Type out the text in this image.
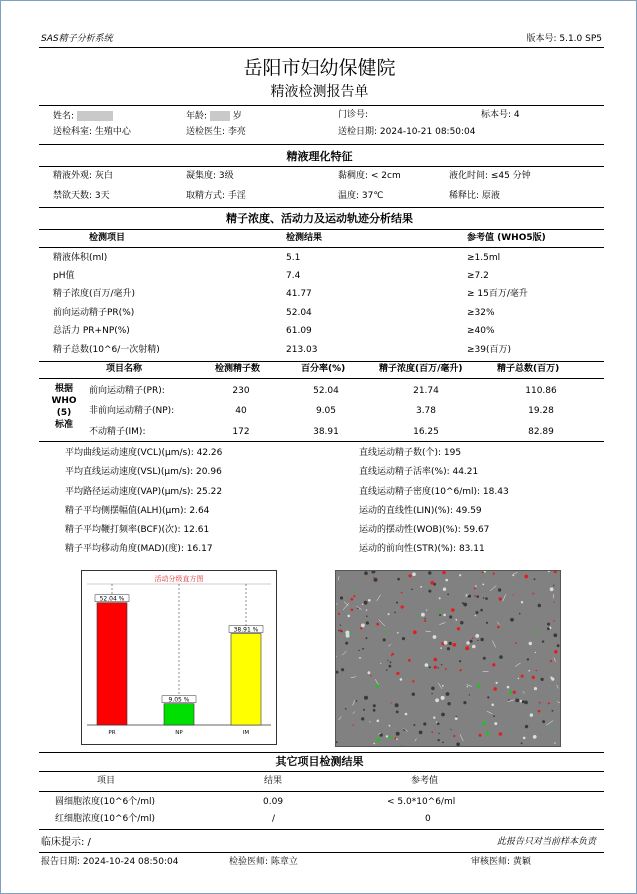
SAS精子分析系统	版本号: 5.1.0 SP5
岳阳市妇幼保健院
精液检测报告单
姓名:	年龄:	岁	门诊号:	标本号: 4
送检科室: 生殖中心	送检医生: 李亮	送检日期: 2024-10-21 08:50:04
精液理化特征
精液外观: 灰白	凝集度: 3级	黏稠度: < 2cm	液化时间: ≤45 分钟
禁欲天数: 3天	取精方式: 手淫	温度: 37℃	稀释比: 原液
精子浓度、活动力及运动轨迹分析结果
检测项目	检测结果	参考值 (WHO5版)
精液体积(ml)	5.1	≥1.5ml
pH值	7.4	≥7.2
精子浓度(百万/毫升)	41.77	≥ 15百万/毫升
前向运动精子PR(%)	52.04	≥32%
总活力 PR+NP(%)	61.09	≥40%
精子总数(10^6/一次射精)	213.03	≥39(百万)
项目名称	检测精子数	百分率(%)	精子浓度(百万/毫升)	精子总数(百万)
根据
WHO
(5)
标准
前向运动精子(PR):	230	52.04	21.74	110.86
非前向运动精子(NP):	40	9.05	3.78	19.28
不动精子(IM):	172	38.91	16.25	82.89
平均曲线运动速度(VCL)(μm/s): 42.26
平均直线运动速度(VSL)(μm/s): 20.96
平均路径运动速度(VAP)(μm/s): 25.22
精子平均侧摆幅值(ALH)(μm): 2.64
精子平均鞭打频率(BCF)(次): 12.61
精子平均移动角度(MAD)(度): 16.17
直线运动精子数(个): 195
直线运动精子活率(%): 44.21
直线运动精子密度(10^6/ml): 18.43
运动的直线性(LIN)(%): 49.59
运动的摆动性(WOB)(%): 59.67
运动的前向性(STR)(%): 83.11
活动分级直方图
52.04 %
PR
9.05 %
NP
38.91 %
IM
其它项目检测结果
项目	结果	参考值
圆细胞浓度(10^6个/ml)	0.09	< 5.0*10^6/ml
红细胞浓度(10^6个/ml)	/	0
临床提示: /	此报告只对当前样本负责
报告日期: 2024-10-24 08:50:04	检验医师: 陈章立	审核医师: 黄颖
